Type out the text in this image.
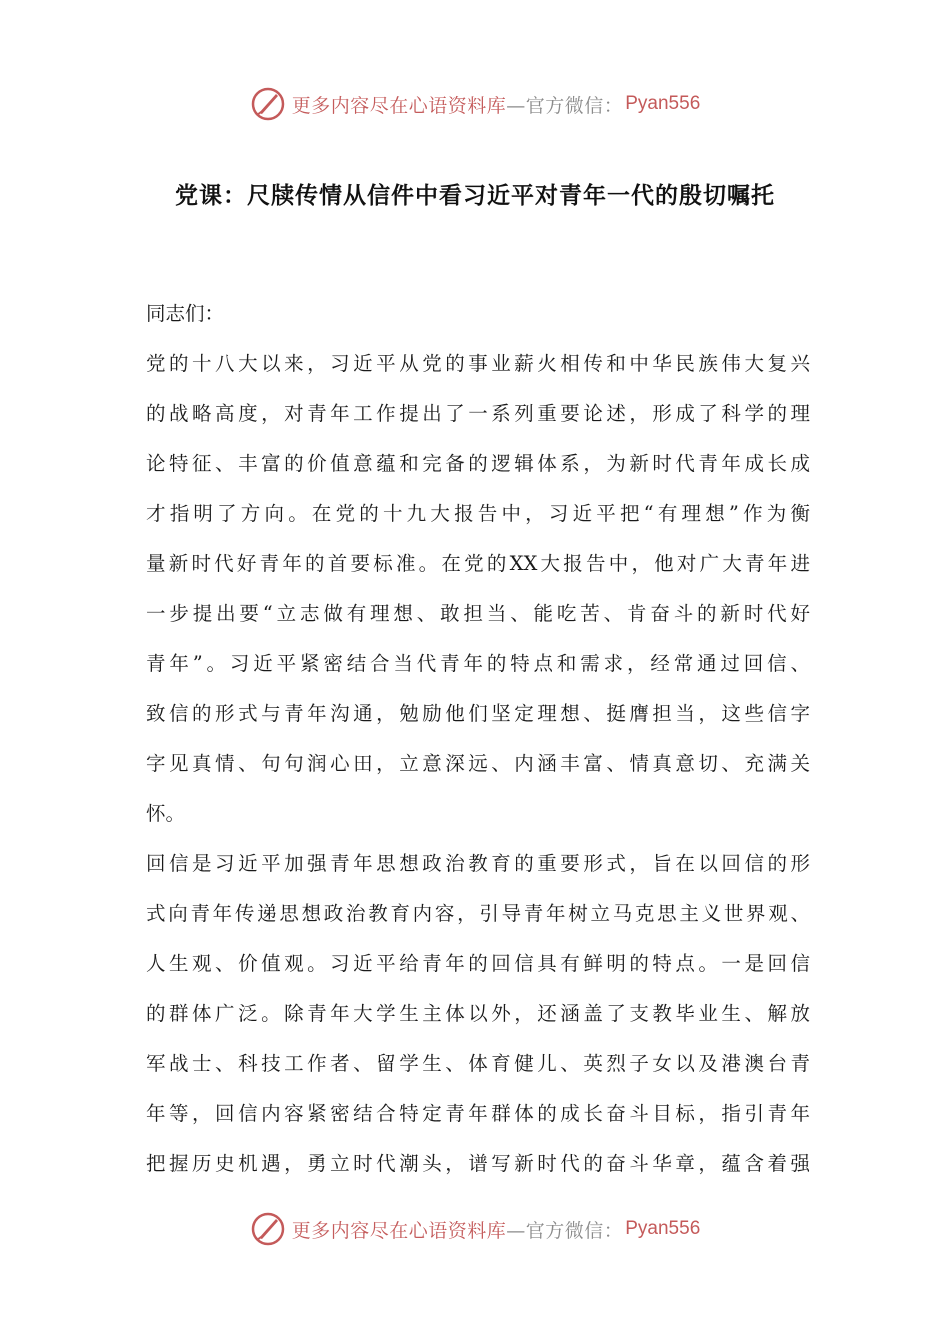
更多内容尽在心语资料库 —官方微信： Pyan556
党课：尺牍传情从信件中看习近平对青年一代的殷切嘱托
同志们：
党的十八大以来，习近平从党的事业薪火相传和中华民族伟大复兴
的战略高度，对青年工作提出了一系列重要论述，形成了科学的理
论特征、丰富的价值意蕴和完备的逻辑体系，为新时代青年成长成
才指明了方向。在党的十九大报告中，习近平把“有理想”作为衡
量新时代好青年的首要标准。在党的XX大报告中，他对广大青年进
一步提出要“立志做有理想、敢担当、能吃苦、肯奋斗的新时代好
青年”。习近平紧密结合当代青年的特点和需求，经常通过回信、
致信的形式与青年沟通，勉励他们坚定理想、挺膺担当，这些信字
字见真情、句句润心田，立意深远、内涵丰富、情真意切、充满关
怀。
回信是习近平加强青年思想政治教育的重要形式，旨在以回信的形
式向青年传递思想政治教育内容，引导青年树立马克思主义世界观、
人生观、价值观。习近平给青年的回信具有鲜明的特点。一是回信
的群体广泛。除青年大学生主体以外，还涵盖了支教毕业生、解放
军战士、科技工作者、留学生、体育健儿、英烈子女以及港澳台青
年等，回信内容紧密结合特定青年群体的成长奋斗目标，指引青年
把握历史机遇，勇立时代潮头，谱写新时代的奋斗华章，蕴含着强
更多内容尽在心语资料库 —官方微信： Pyan556
